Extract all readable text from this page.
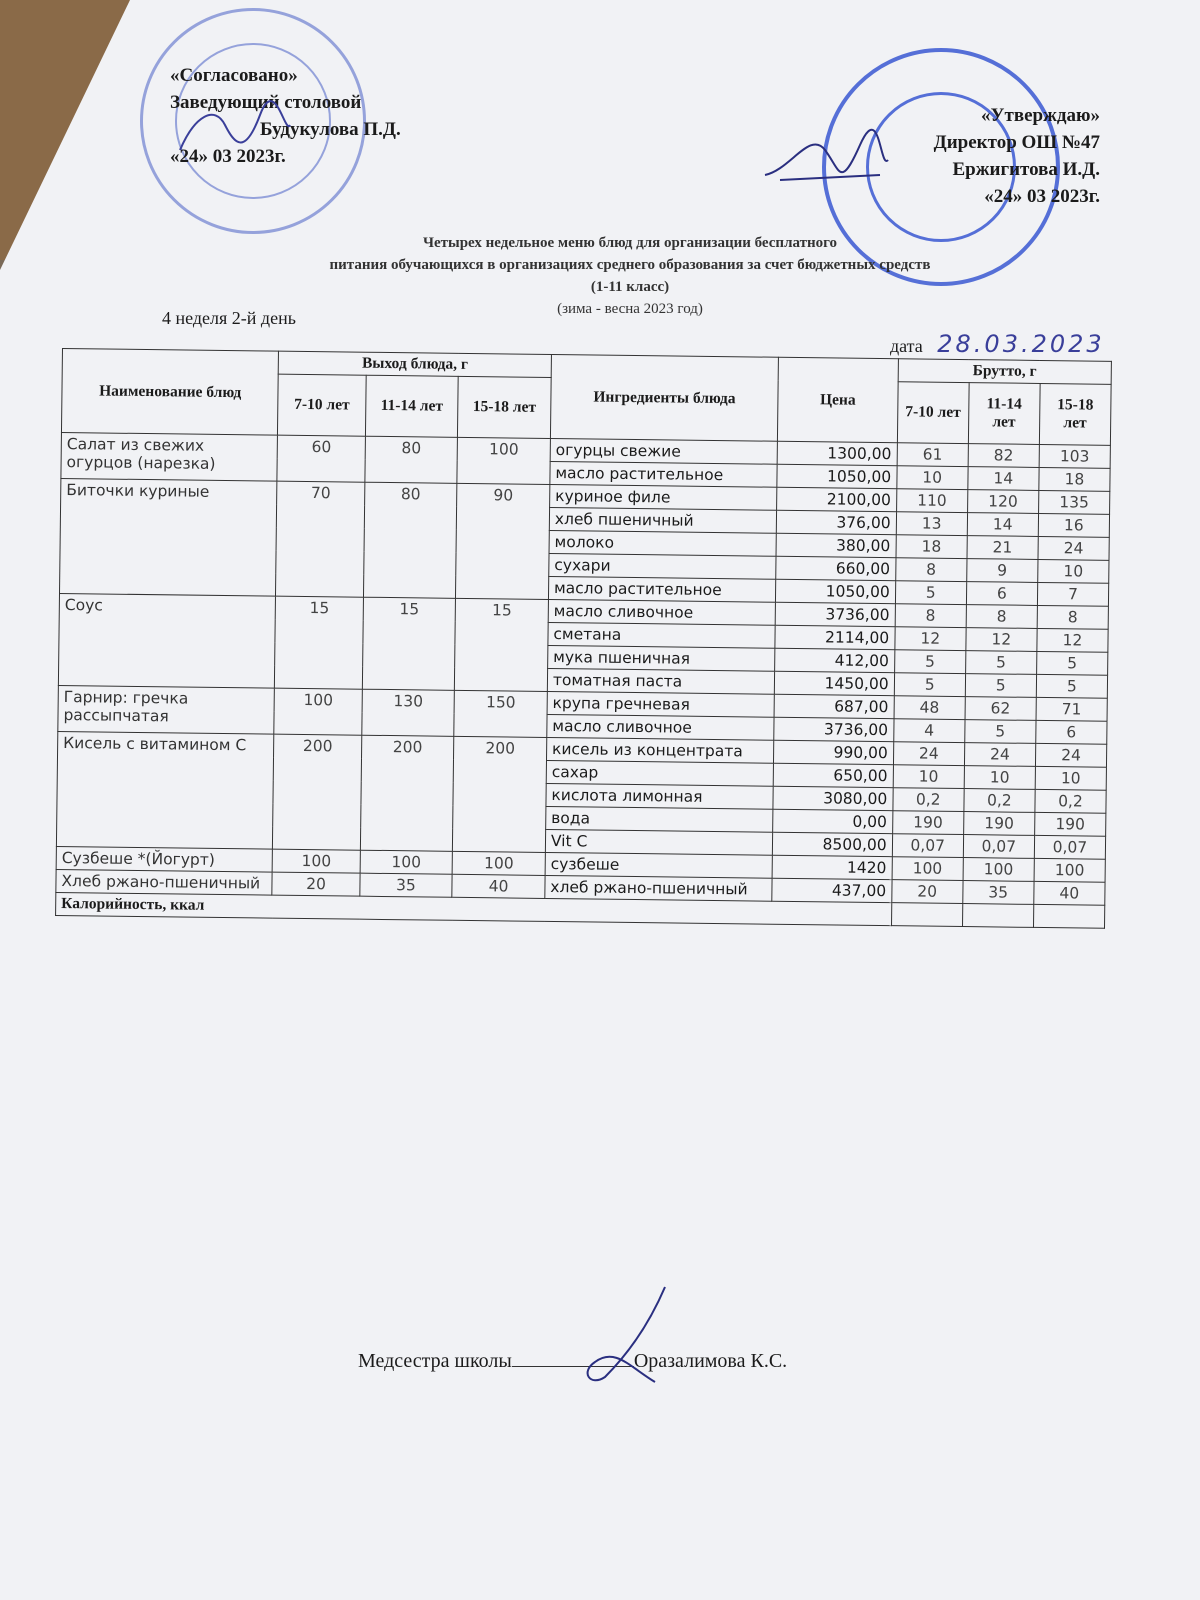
«Согласовано»
Заведующий столовой
Будукулова П.Д.
«24» 03 2023г.
«Утверждаю»
Директор ОШ №47
Ержигитова И.Д.
«24» 03 2023г.
Четырех недельное меню блюд для организации бесплатного
питания обучающихся в организациях среднего образования за счет бюджетных средств
(1-11 класс)
(зима - весна 2023 год)
4 неделя 2-й день
дата 28.03.2023
Наименование блюд	Выход блюда, г			Ингредиенты блюда	Цена	Брутто, г		
	7-10 лет	11-14 лет	15-18 лет			7-10 лет	11-14 лет	15-18 лет
Салат из свежих огурцов (нарезка)	60	80	100	огурцы свежие	1300,00	61	82	103
				масло растительное	1050,00	10	14	18
Биточки куриные	70	80	90	куриное филе	2100,00	110	120	135
				хлеб пшеничный	376,00	13	14	16
				молоко	380,00	18	21	24
				сухари	660,00	8	9	10
				масло растительное	1050,00	5	6	7
Соус	15	15	15	масло сливочное	3736,00	8	8	8
				сметана	2114,00	12	12	12
				мука пшеничная	412,00	5	5	5
				томатная паста	1450,00	5	5	5
Гарнир: гречка рассыпчатая	100	130	150	крупа гречневая	687,00	48	62	71
				масло сливочное	3736,00	4	5	6
Кисель с витамином С	200	200	200	кисель из концентрата	990,00	24	24	24
				сахар	650,00	10	10	10
				кислота лимонная	3080,00	0,2	0,2	0,2
				вода	0,00	190	190	190
				Vit C	8500,00	0,07	0,07	0,07
Сузбеше *(Йогурт)	100	100	100	сузбеше	1420	100	100	100
Хлеб ржано-пшеничный	20	35	40	хлеб ржано-пшеничный	437,00	20	35	40
Калорийность, ккал								
Медсестра школы	Оразалимова К.С.
